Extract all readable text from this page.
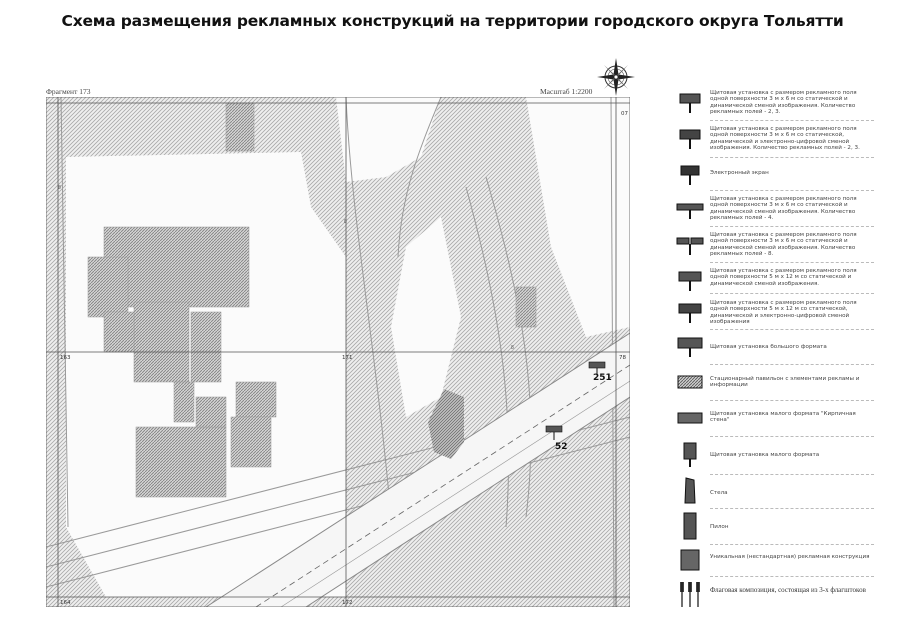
Схема размещения рекламных конструкций на территории городского округа Тольятти
Фрагмент 173	Масштаб 1:2200
251
52
8
8
8
07
163	171	78
164	172
Щитовая установка с размером рекламного поля одной поверхности 3 м х 6 м со статической и динамической сменой изображения. Количество рекламных полей - 2, 3.
Щитовая установка с размером рекламного поля одной поверхности 3 м х 6 м со статической, динамической и электронно-цифровой сменой изображения. Количество рекламных полей - 2, 3.
Электронный экран
Щитовая установка с размером рекламного поля одной поверхности 3 м х 6 м со статической и динамической сменой изображения. Количество рекламных полей - 4.
Щитовая установка с размером рекламного поля одной поверхности 3 м х 6 м со статической и динамической сменой изображения. Количество рекламных полей - 8.
Щитовая установка с размером рекламного поля одной поверхности 5 м х 12 м со статической и динамической сменой изображения.
Щитовая установка с размером рекламного поля одной поверхности 5 м х 12 м со статической, динамической и электронно-цифровой сменой изображения
Щитовая установка большого формата
Стационарный павильон с элементами рекламы и информации
Щитовая установка малого формата "Кирпичная стена"
Щитовая установка малого формата
Стела
Пилон
Уникальная (нестандартная) рекламная конструкция
Флаговая композиция, состоящая из 3-х флагштоков
